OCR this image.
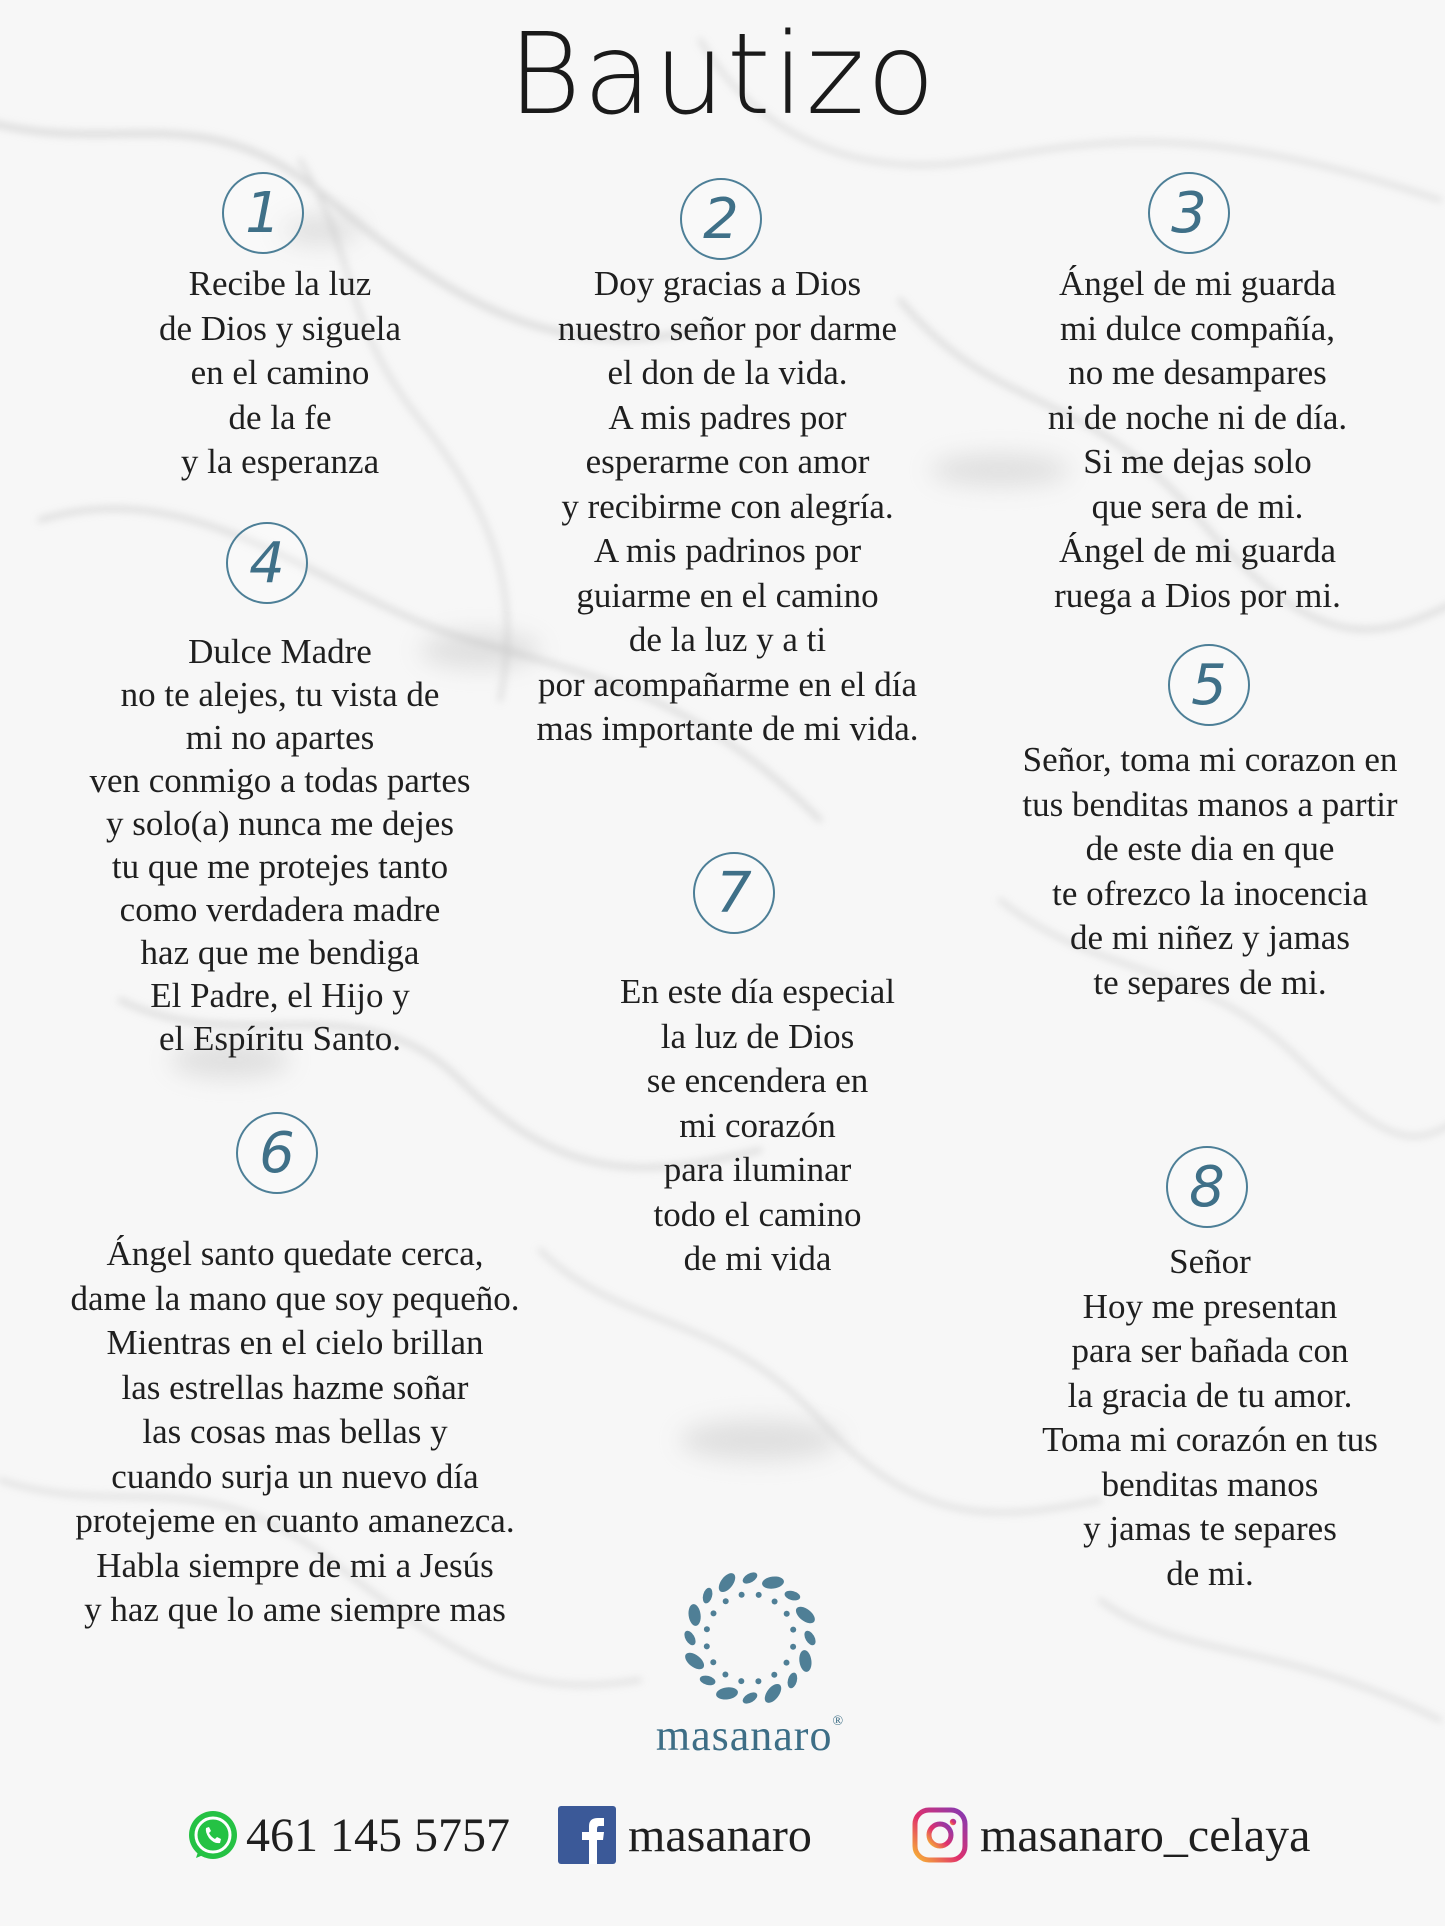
Bautizo
1
Recibe la luz
de Dios y siguela
en el camino
de la fe
y la esperanza
2
Doy gracias a Dios
nuestro señor por darme
el don de la vida.
A mis padres por
esperarme con amor
y recibirme con alegría.
A mis padrinos por
guiarme en el camino
de la luz y a ti
por acompañarme en el día
mas importante de mi vida.
3
Ángel de mi guarda
mi dulce compañía,
no me desampares
ni de noche ni de día.
Si me dejas solo
que sera de mi.
Ángel de mi guarda
ruega a Dios por mi.
4
Dulce Madre
no te alejes, tu vista de
mi no apartes
ven conmigo a todas partes
y solo(a) nunca me dejes
tu que me protejes tanto
como verdadera madre
haz que me bendiga
El Padre, el Hijo y
el Espíritu Santo.
5
Señor, toma mi corazon en
tus benditas manos a partir
de este dia en que
te ofrezco la inocencia
de mi niñez y jamas
te separes de mi.
6
Ángel santo quedate cerca,
dame la mano que soy pequeño.
Mientras en el cielo brillan
las estrellas hazme soñar
las cosas mas bellas y
cuando surja un nuevo día
protejeme en cuanto amanezca.
Habla siempre de mi a Jesús
y haz que lo ame siempre mas
7
En este día especial
la luz de Dios
se encendera en
mi corazón
para iluminar
todo el camino
de mi vida
8
Señor
Hoy me presentan
para ser bañada con
la gracia de tu amor.
Toma mi corazón en tus
benditas manos
y jamas te separes
de mi.
masanaro®
461 145 5757 masanaro	masanaro_celaya
